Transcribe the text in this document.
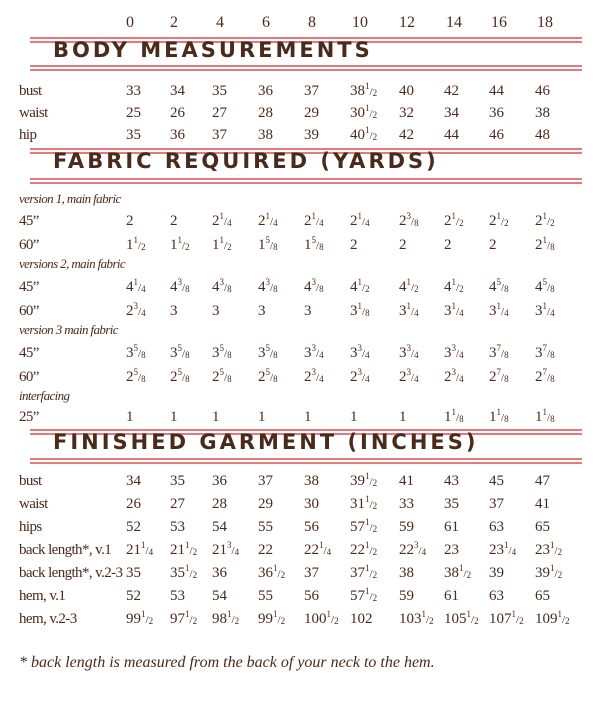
0 2 4 6 8 10 12 14 16 18
BODY MEASUREMENTS
bust	33 34 35 36 37 $38^1/_2$ 40 42 44 46
waist	25 26 27 28 29 $30^1/_2$ 32 34 36 38
hip	35 36 37 38 39 $40^1/_2$ 42 44 46 48
FABRIC REQUIRED (YARDS)
version 1, main fabric
45”	2 2 $2^1/_4$ $2^1/_4$ $2^1/_4$ $2^1/_4$ $2^3/_8$ $2^1/_2$ $2^1/_2$ $2^1/_2$
60”	$1^1/_2$ $1^1/_2$ $1^1/_2$ $1^5/_8$ $1^5/_8$ 2	2	2	2	$2^1/_8$
versions 2, main fabric
45”	$4^1/_4$ $4^3/_8$ $4^3/_8$ $4^3/_8$ $4^3/_8$ $4^1/_2$ $4^1/_2$ $4^1/_2$ $4^5/_8$ $4^5/_8$
60”	$2^3/_4$ 3 3	3	3	$3^1/_8$ $3^1/_4$ $3^1/_4$ $3^1/_4$ $3^1/_4$
version 3 main fabric
45”	$3^5/_8$ $3^5/_8$ $3^5/_8$ $3^5/_8$ $3^3/_4$ $3^3/_4$ $3^3/_4$ $3^3/_4$ $3^7/_8$ $3^7/_8$
60”	$2^5/_8$ $2^5/_8$ $2^5/_8$ $2^5/_8$ $2^3/_4$ $2^3/_4$ $2^3/_4$ $2^3/_4$ $2^7/_8$ $2^7/_8$
interfacing
25”	1 1 1	1	1	1	1	$1^1/_8$ $1^1/_8$ $1^1/_8$
FINISHED GARMENT (INCHES)
bust	34 35 36 37 38 $39^1/_2$ 41 43 45 47
waist	26 27 28 29 30 $31^1/_2$ 33 35 37 41
hips	52 53 54 55 56 $57^1/_2$ 59 61 63 65
back length*, v.1 $21^1/_4$ $21^1/_2$ $21^3/_4$ 22 $22^1/_4$ $22^1/_2$ $22^3/_4$ 23 $23^1/_4$ $23^1/_2$
back length*, v.2-3 35 $35^1/_2$ 36 $36^1/_2$ 37 $37^1/_2$ 38 $38^1/_2$ 39 $39^1/_2$
hem, v.1	52 53 54 55 56 $57^1/_2$ 59 61 63 65
hem, v.2-3	$99^1/_2$ $97^1/_2$ $98^1/_2$ $99^1/_2$ $100^1/_2$ 102 $103^1/_2$ $105^1/_2$ $107^1/_2$ $109^1/_2$
* back length is measured from the back of your neck to the hem.
